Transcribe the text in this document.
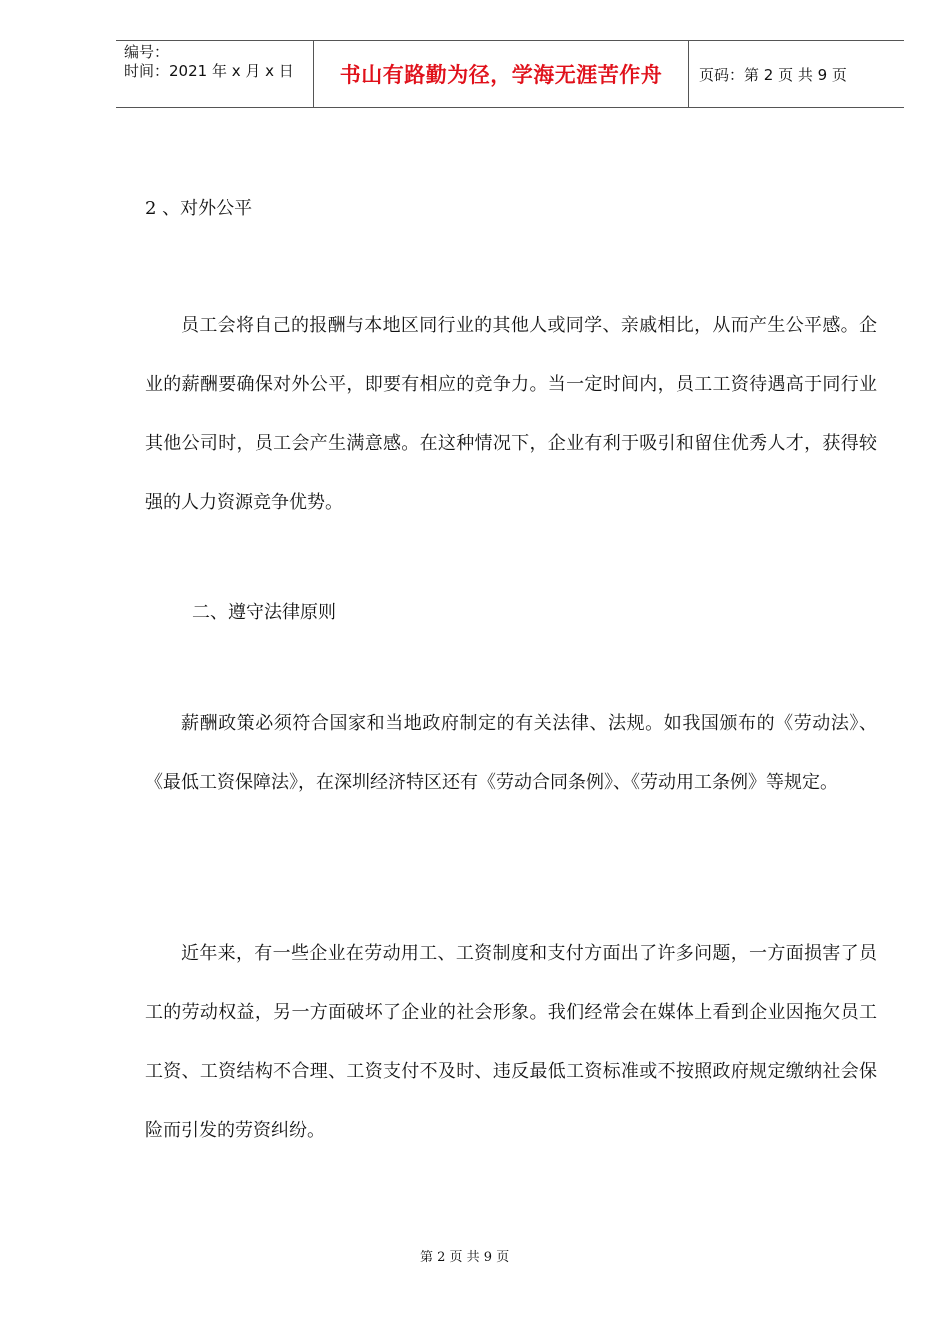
编号：
时间：2021 年 x 月 x 日	书山有路勤为径，学海无涯苦作舟	页码：第 2 页 共 9 页
2 、对外公平

员工会将自己的报酬与本地区同行业的其他人或同学、亲戚相比，从而产生公平感。企业的薪酬要确保对外公平，即要有相应的竞争力。当一定时间内，员工工资待遇高于同行业其他公司时，员工会产生满意感。在这种情况下，企业有利于吸引和留住优秀人才，获得较强的人力资源竞争优势。

二、遵守法律原则

薪酬政策必须符合国家和当地政府制定的有关法律、法规。如我国颁布的《劳动法》、《最低工资保障法》，在深圳经济特区还有《劳动合同条例》、《劳动用工条例》等规定。

近年来，有一些企业在劳动用工、工资制度和支付方面出了许多问题，一方面损害了员工的劳动权益，另一方面破坏了企业的社会形象。我们经常会在媒体上看到企业因拖欠员工工资、工资结构不合理、工资支付不及时、违反最低工资标准或不按照政府规定缴纳社会保险而引发的劳资纠纷。

第 2 页 共 9 页
